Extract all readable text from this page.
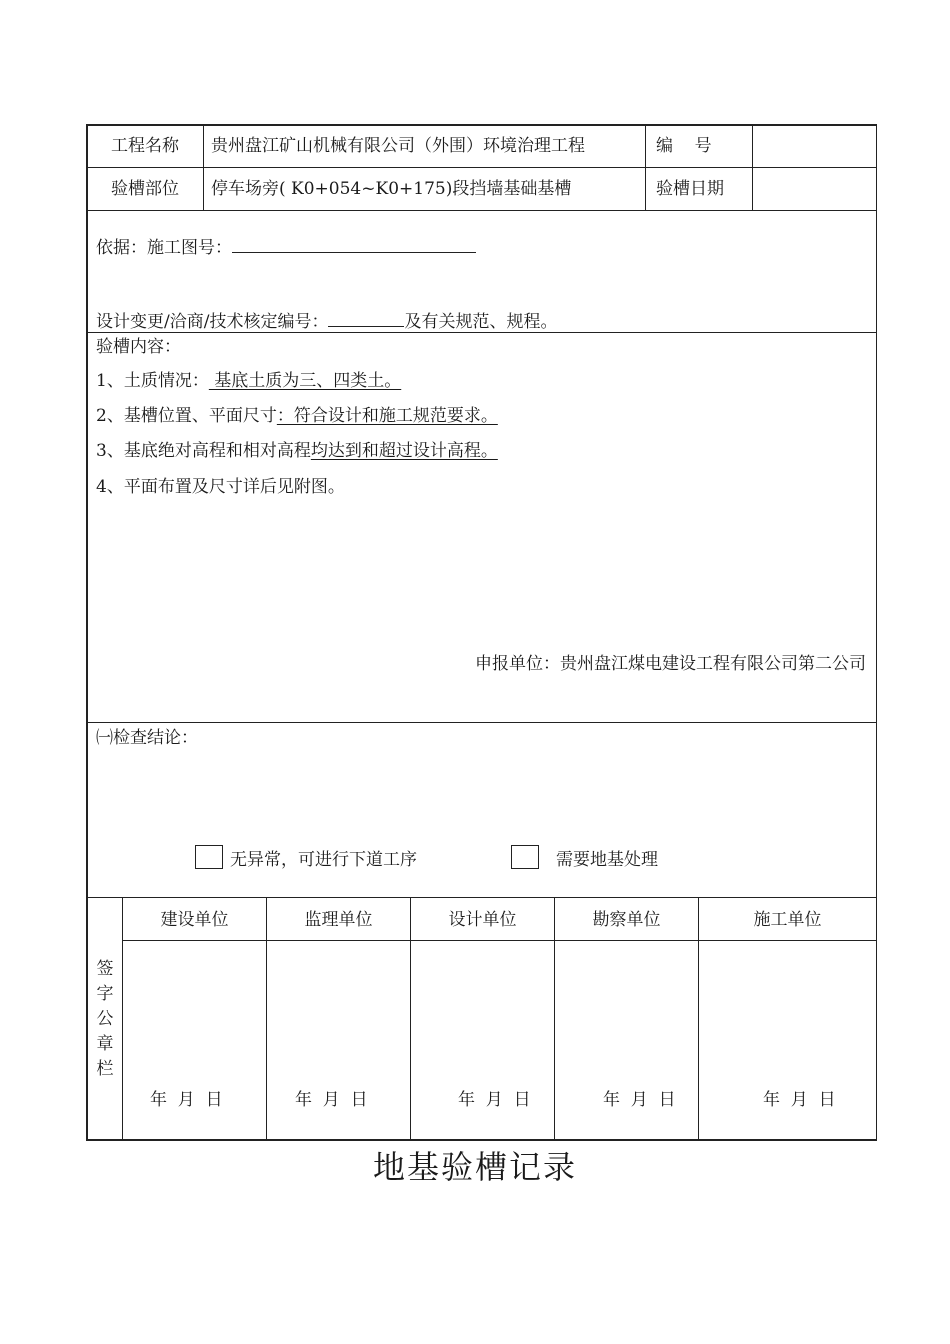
工程名称	贵州盘江矿山机械有限公司（外围）环境治理工程	编    号
验槽部位	停车场旁( K0+054~K0+175)段挡墙基础基槽	验槽日期
依据：施工图号：
设计变更/洽商/技术核定编号：	及有关规范、规程。
验槽内容：
1、土质情况： 基底土质为三、四类土。
2、基槽位置、平面尺寸：符合设计和施工规范要求。
3、基底绝对高程和相对高程均达到和超过设计高程。
4、平面布置及尺寸详后见附图。
申报单位：贵州盘江煤电建设工程有限公司第二公司
㈠检查结论：
无异常，可进行下道工序	需要地基处理
签字公章栏
建设单位	监理单位	设计单位	勘察单位	施工单位
年  月  日	年  月  日	年  月  日	年  月  日	年  月  日
地基验槽记录
